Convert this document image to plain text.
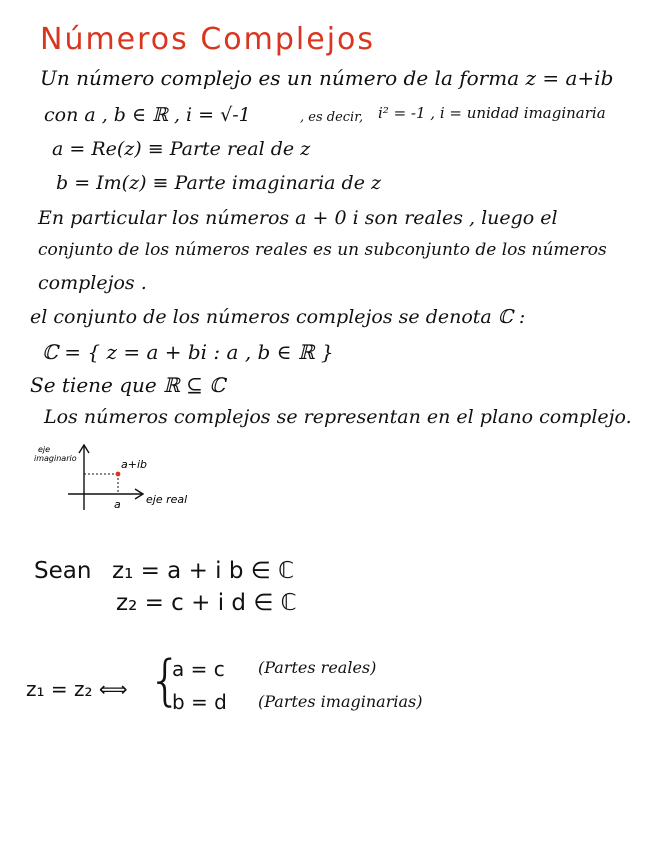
Números Complejos
Un número complejo es un número de la forma z = a+ib
con a , b ∈ ℝ , i = √-1	, es decir, i² = -1 , i = unidad imaginaria
a = Re(z) ≡ Parte real de z
b = Im(z) ≡ Parte imaginaria de z
En particular los números a + 0 i son reales , luego el
conjunto de los números reales es un subconjunto de los números
complejos .
el conjunto de los números complejos se denota ℂ :
ℂ = { z = a + bi : a , b ∈ ℝ }
Se tiene que ℝ ⊆ ℂ
Los números complejos se representan en el plano complejo.
eje
imaginario	a+ib
eje real
a
Sean z₁ = a + i b ∈ ℂ
z₂ = c + i d ∈ ℂ
z₁ = z₂ ⟺ {
a = c (Partes reales)
b = d (Partes imaginarias)
